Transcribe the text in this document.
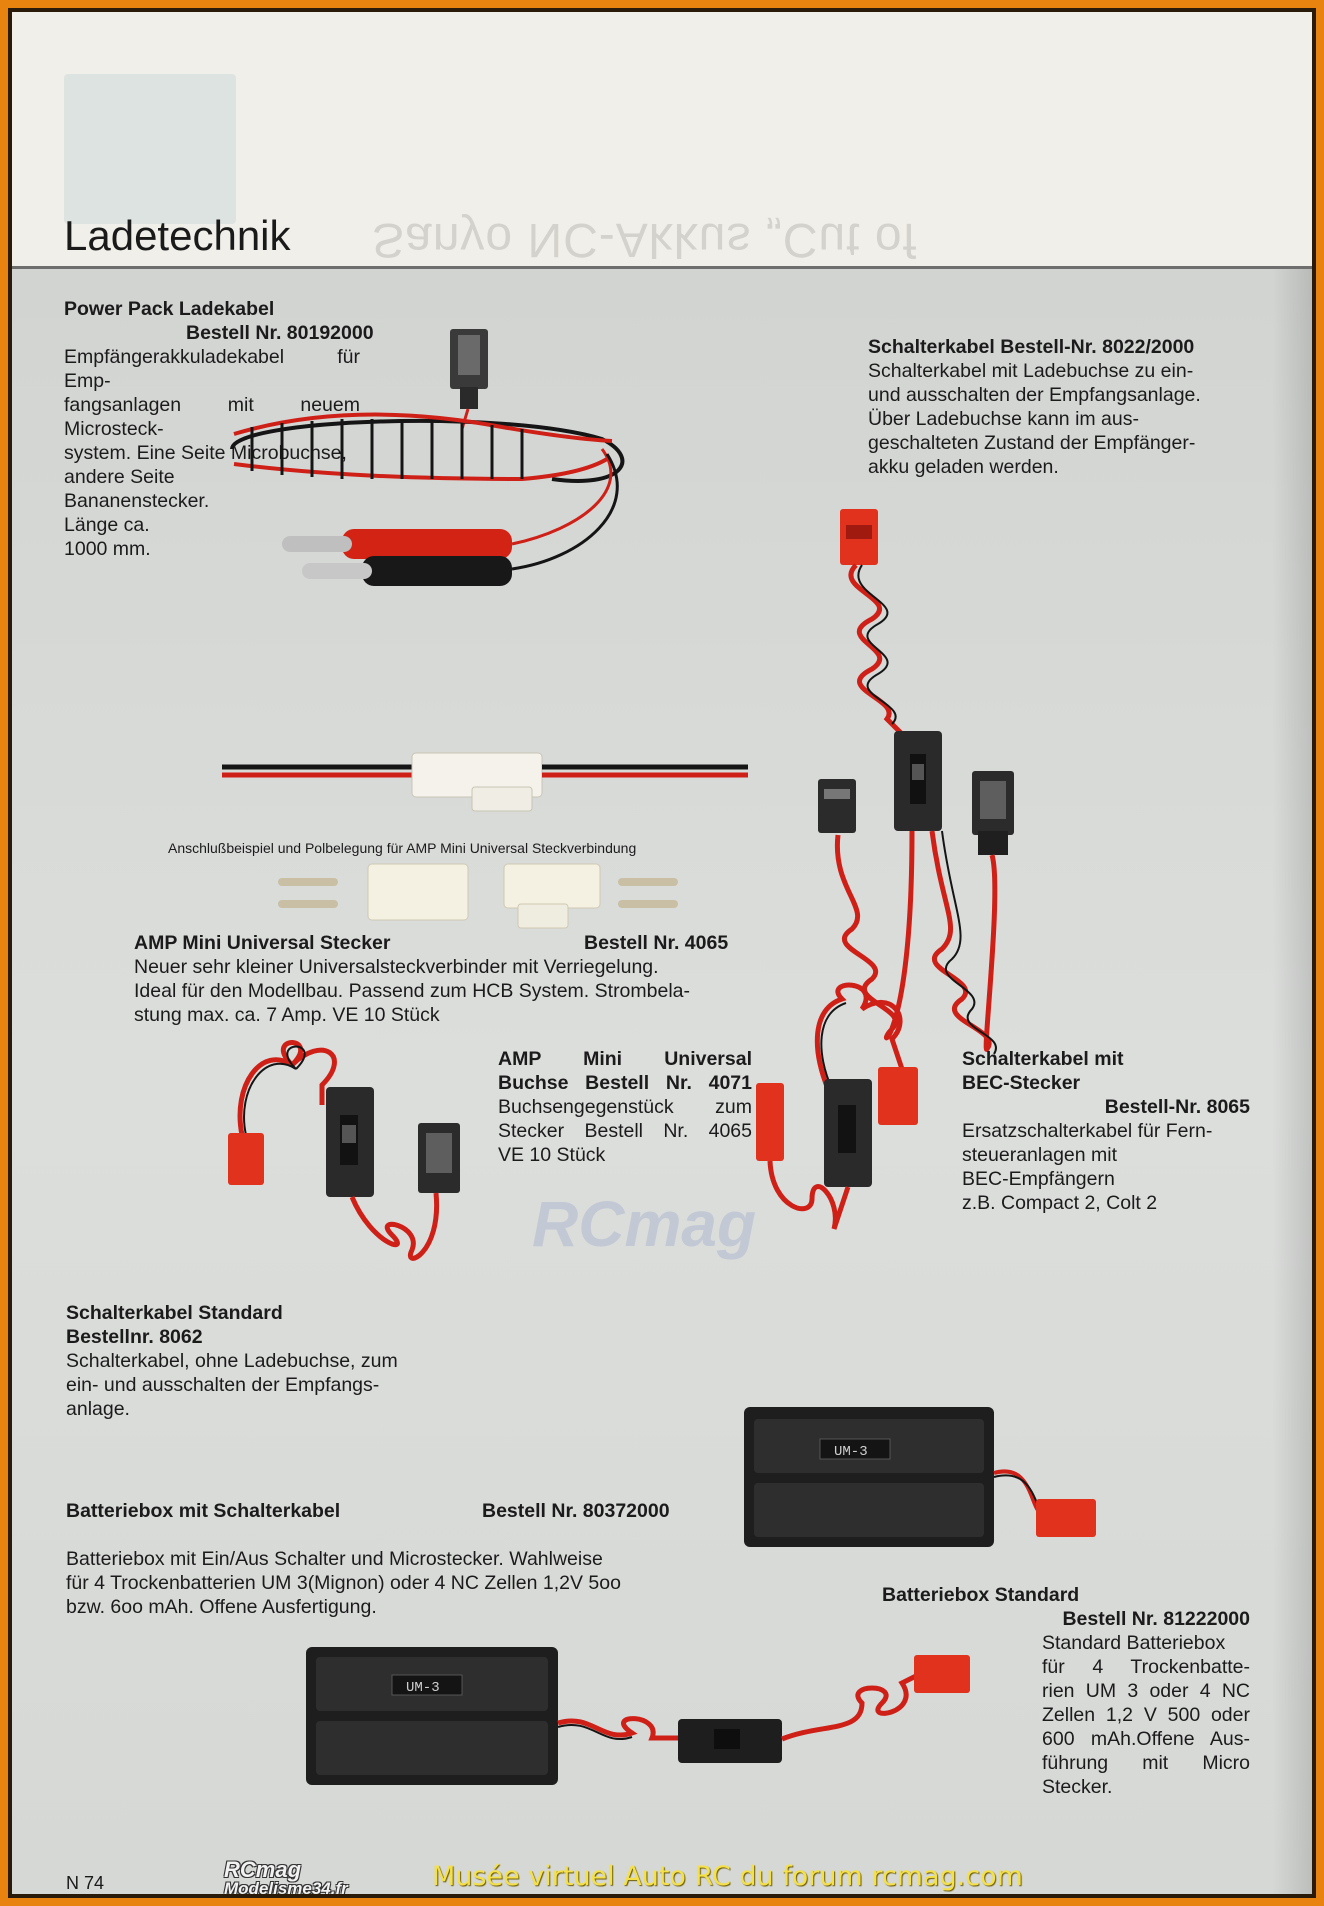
Sanyo NC-Akkus „Cut of
Ladetechnik
Power Pack Ladekabel
Bestell Nr. 80192000
Empfängerakkuladekabel für Emp-
fangsanlagen mit neuem Microsteck-
system. Eine Seite Microbuchse,
andere Seite
Bananenstecker.
Länge ca.
1000 mm.
Schalterkabel Bestell-Nr. 8022/2000
Schalterkabel mit Ladebuchse zu ein-
und ausschalten der Empfangsanlage.
Über Ladebuchse kann im aus-
geschalteten Zustand der Empfänger-
akku geladen werden.
Anschlußbeispiel und Polbelegung für AMP Mini Universal Steckverbindung
AMP Mini Universal Stecker	Bestell Nr. 4065
Neuer sehr kleiner Universalsteckverbinder mit Verriegelung.
Ideal für den Modellbau. Passend zum HCB System. Strombela-
stung max. ca. 7 Amp. VE 10 Stück
RCmag
AMP Mini Universal
Buchse Bestell Nr. 4071
Buchsengegenstück zum
Stecker Bestell Nr. 4065
VE 10 Stück
Schalterkabel mit
BEC-Stecker
Bestell-Nr. 8065
Ersatzschalterkabel für Fern-
steueranlagen mit
BEC-Empfängern
z.B. Compact 2, Colt 2
Schalterkabel Standard
Bestellnr. 8062
Schalterkabel, ohne Ladebuchse, zum
ein- und ausschalten der Empfangs-
anlage.
UM-3
Batteriebox mit Schalterkabel	Bestell Nr. 80372000
Batteriebox mit Ein/Aus Schalter und Microstecker. Wahlweise
für 4 Trockenbatterien UM 3(Mignon) oder 4 NC Zellen 1,2V 5oo
bzw. 6oo mAh. Offene Ausfertigung.
Batteriebox Standard
Bestell Nr. 81222000
Standard Batteriebox
für 4 Trockenbatte-
rien UM 3 oder 4 NC
Zellen 1,2 V 500 oder
600 mAh.Offene Aus-
führung mit Micro
Stecker.
UM-3
N 74
RCmag
Modelisme34.fr	Musée virtuel Auto RC du forum rcmag.com
